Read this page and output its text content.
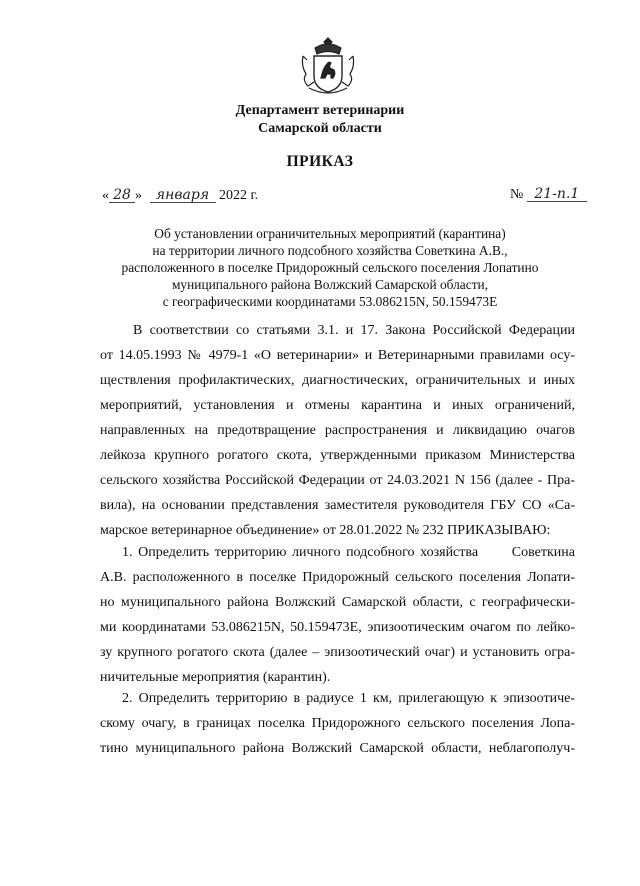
Департамент ветеринарии
Самарской области
ПРИКАЗ
« 28 » января 2022 г.	№ 21-п.1
Об установлении ограничительных мероприятий (карантина)
на территории личного подсобного хозяйства Советкина А.В.,
расположенного в поселке Придорожный сельского поселения Лопатино
муниципального района Волжский Самарской области,
с географическими координатами 53.086215N, 50.159473E
В соответствии со статьями 3.1. и 17. Закона Российской Федерации
от 14.05.1993 № 4979-1 «О ветеринарии» и Ветеринарными правилами осу-
ществления профилактических, диагностических, ограничительных и иных
мероприятий, установления и отмены карантина и иных ограничений,
направленных на предотвращение распространения и ликвидацию очагов
лейкоза крупного рогатого скота, утвержденными приказом Министерства
сельского хозяйства Российской Федерации от 24.03.2021 N 156 (далее - Пра-
вила), на основании представления заместителя руководителя ГБУ СО «Са-
марское ветеринарное объединение» от 28.01.2022 № 232 ПРИКАЗЫВАЮ:
1. Определить территорию личного подсобного хозяйства      Советкина
А.В. расположенного в поселке Придорожный сельского поселения Лопати-
но муниципального района Волжский Самарской области, с географически-
ми координатами 53.086215N, 50.159473E, эпизоотическим очагом по лейко-
зу крупного рогатого скота (далее – эпизоотический очаг) и установить огра-
ничительные мероприятия (карантин).
2. Определить территорию в радиусе 1 км, прилегающую к эпизоотиче-
скому очагу, в границах поселка Придорожного сельского поселения Лопа-
тино муниципального района Волжский Самарской области, неблагополуч-
